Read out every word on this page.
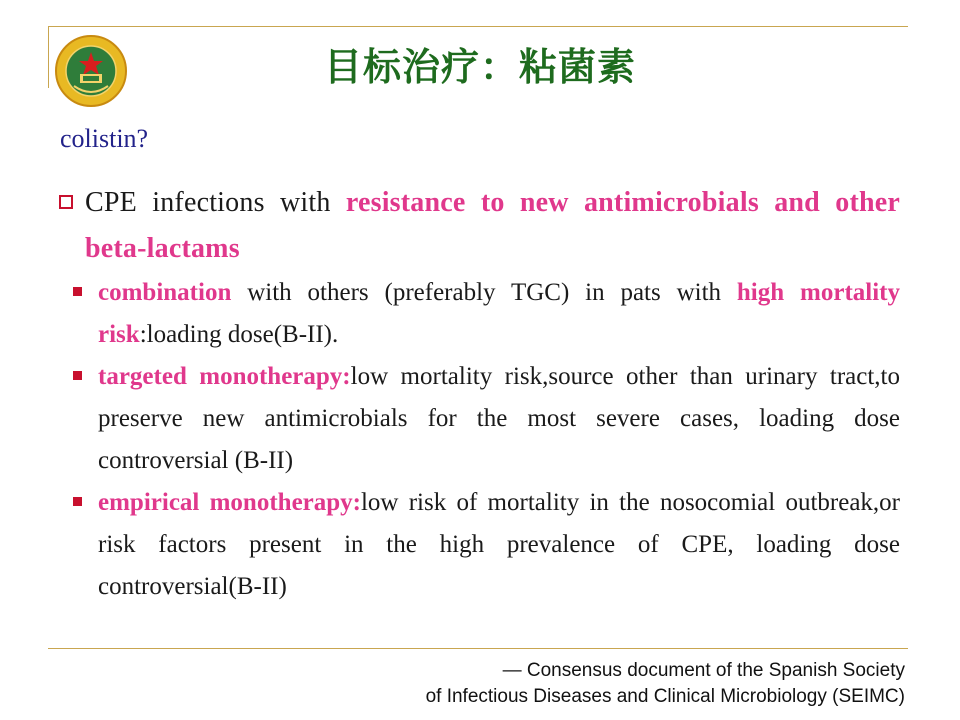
目标治疗：粘菌素
colistin?
CPE infections with resistance to new antimicrobials and other beta-lactams
combination with others (preferably TGC) in pats with high mortality risk:loading dose(B-II).
targeted monotherapy:low mortality risk,source other than urinary tract,to preserve new antimicrobials for the most severe cases, loading dose controversial (B-II)
empirical monotherapy:low risk of mortality in the nosocomial outbreak,or risk factors present in the high prevalence of CPE, loading dose controversial(B-II)
— Consensus document of the Spanish Society
of Infectious Diseases and Clinical Microbiology (SEIMC)
